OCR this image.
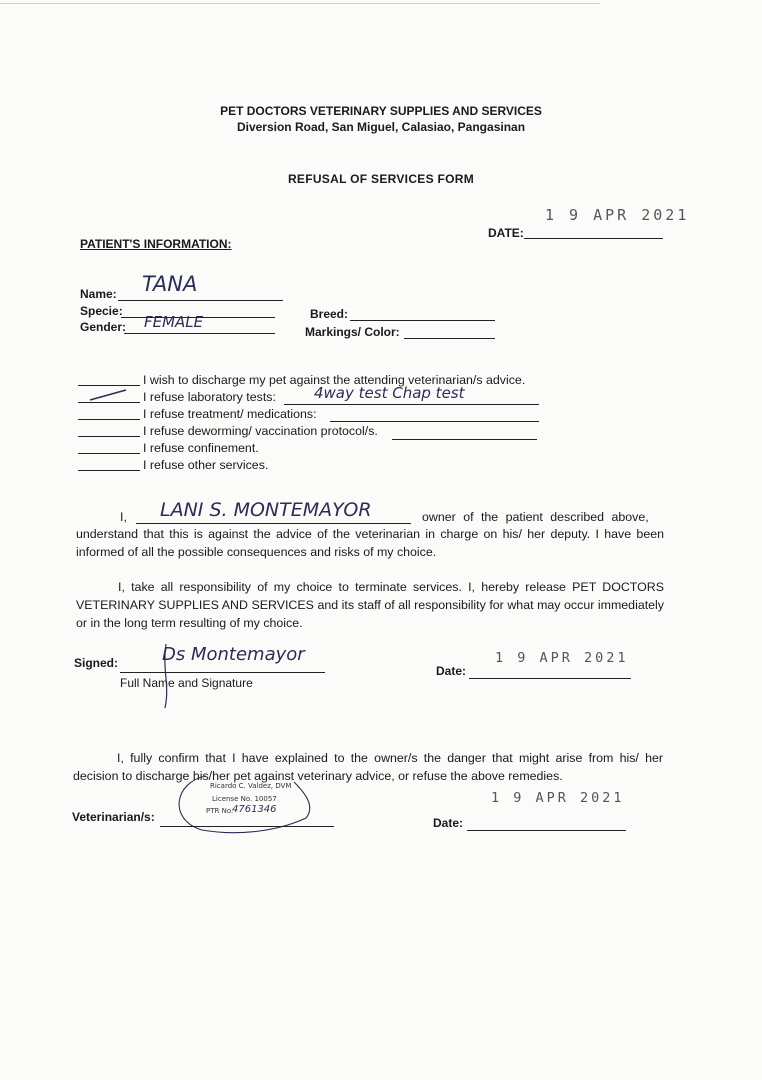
PET DOCTORS VETERINARY SUPPLIES AND SERVICES
Diversion Road, San Miguel, Calasiao, Pangasinan
REFUSAL OF SERVICES FORM
1 9 APR 2021
DATE:
PATIENT'S INFORMATION:
Name: TANA
Specie:
Gender: FEMALE	Breed:
Markings/ Color:
I wish to discharge my pet against the attending veterinarian/s advice.
I refuse laboratory tests:	4way test Chap test
I refuse treatment/ medications:
I refuse deworming/ vaccination protocol/s.
I refuse confinement.
I refuse other services.
I, LANI S. MONTEMAYOR	owner of the patient described above,
understand that this is against the advice of the veterinarian in charge on his/ her deputy. I have been informed of all the possible consequences and risks of my choice.
I, take all responsibility of my choice to terminate services. I, hereby release PET DOCTORS VETERINARY SUPPLIES AND SERVICES and its staff of all responsibility for what may occur immediately or in the long term resulting of my choice.
Signed: Ds Montemayor
Full Name and Signature
1 9 APR 2021
Date:
I, fully confirm that I have explained to the owner/s the danger that might arise from his/ her decision to discharge his/her pet against veterinary advice, or refuse the above remedies.
Ricardo C. Valdez, DVM
License No. 10057
PTR No.
4761346
Veterinarian/s:
1 9 APR 2021
Date:
